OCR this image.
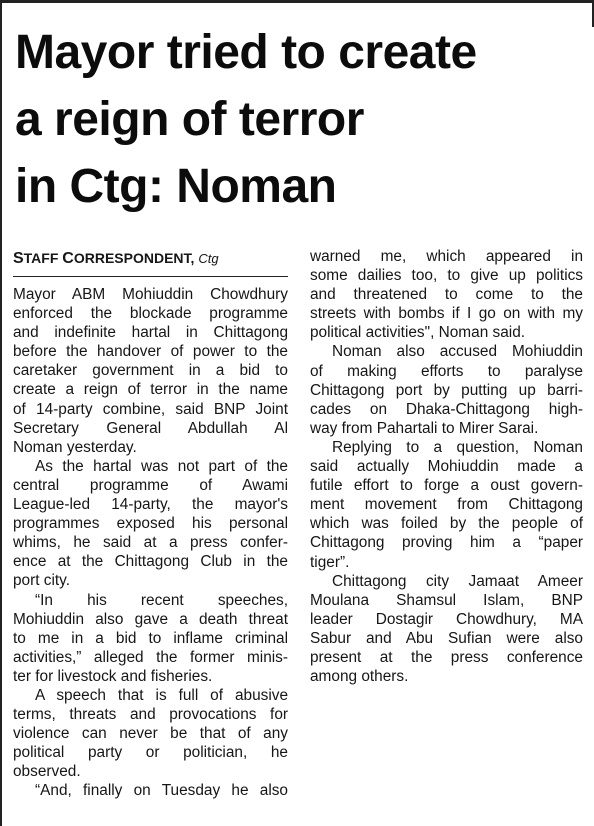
Mayor tried to create
a reign of terror
in Ctg: Noman
STAFF CORRESPONDENT, Ctg
Mayor ABM Mohiuddin Chowdhury
enforced the blockade programme
and indefinite hartal in Chittagong
before the handover of power to the
caretaker government in a bid to
create a reign of terror in the name
of 14-party combine, said BNP Joint
Secretary General Abdullah Al
Noman yesterday.
As the hartal was not part of the
central programme of Awami
League-led 14-party, the mayor's
programmes exposed his personal
whims, he said at a press confer-
ence at the Chittagong Club in the
port city.
“In his recent speeches,
Mohiuddin also gave a death threat
to me in a bid to inflame criminal
activities,” alleged the former minis-
ter for livestock and fisheries.
A speech that is full of abusive
terms, threats and provocations for
violence can never be that of any
political party or politician, he
observed.
“And, finally on Tuesday he also
warned me, which appeared in
some dailies too, to give up politics
and threatened to come to the
streets with bombs if I go on with my
political activities", Noman said.
Noman also accused Mohiuddin
of making efforts to paralyse
Chittagong port by putting up barri-
cades on Dhaka-Chittagong high-
way from Pahartali to Mirer Sarai.
Replying to a question, Noman
said actually Mohiuddin made a
futile effort to forge a oust govern-
ment movement from Chittagong
which was foiled by the people of
Chittagong proving him a “paper
tiger”.
Chittagong city Jamaat Ameer
Moulana Shamsul Islam, BNP
leader Dostagir Chowdhury, MA
Sabur and Abu Sufian were also
present at the press conference
among others.
